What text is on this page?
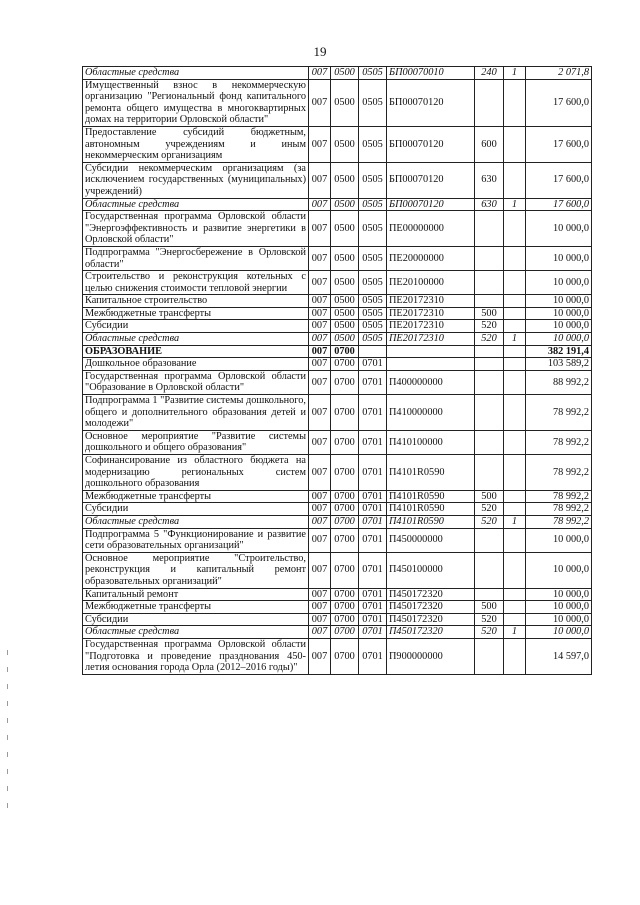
19
Областные средства	007	0500	0505	БП00070010	240	1	2 071,8
Имущественный взнос в некоммерческую организацию "Региональный фонд капитального ремонта общего имущества в многоквартирных домах на территории Орловской области"	007	0500	0505	БП00070120			17 600,0
Предоставление субсидий бюджетным, автономным учреждениям и иным некоммерческим организациям	007	0500	0505	БП00070120	600		17 600,0
Субсидии некоммерческим организациям (за исключением государственных (муниципальных) учреждений)	007	0500	0505	БП00070120	630		17 600,0
Областные средства	007	0500	0505	БП00070120	630	1	17 600,0
Государственная программа Орловской области "Энергоэффективность и развитие энергетики в Орловской области"	007	0500	0505	ПЕ00000000			10 000,0
Подпрограмма "Энергосбережение в Орловской области"	007	0500	0505	ПЕ20000000			10 000,0
Строительство и реконструкция котельных с целью снижения стоимости тепловой энергии	007	0500	0505	ПЕ20100000			10 000,0
Капитальное строительство	007	0500	0505	ПЕ20172310			10 000,0
Межбюджетные трансферты	007	0500	0505	ПЕ20172310	500		10 000,0
Субсидии	007	0500	0505	ПЕ20172310	520		10 000,0
Областные средства	007	0500	0505	ПЕ20172310	520	1	10 000,0
ОБРАЗОВАНИЕ	007	0700					382 191,4
Дошкольное образование	007	0700	0701				103 589,2
Государственная программа Орловской области "Образование в Орловской области"	007	0700	0701	П400000000			88 992,2
Подпрограмма 1 "Развитие системы дошкольного, общего и дополнительного образования детей и молодежи"	007	0700	0701	П410000000			78 992,2
Основное мероприятие "Развитие системы дошкольного и общего образования"	007	0700	0701	П410100000			78 992,2
Софинансирование из областного бюджета на модернизацию региональных систем дошкольного образования	007	0700	0701	П4101R0590			78 992,2
Межбюджетные трансферты	007	0700	0701	П4101R0590	500		78 992,2
Субсидии	007	0700	0701	П4101R0590	520		78 992,2
Областные средства	007	0700	0701	П4101R0590	520	1	78 992,2
Подпрограмма 5 "Функционирование и развитие сети образовательных организаций"	007	0700	0701	П450000000			10 000,0
Основное мероприятие "Строительство, реконструкция и капитальный ремонт образовательных организаций"	007	0700	0701	П450100000			10 000,0
Капитальный ремонт	007	0700	0701	П450172320			10 000,0
Межбюджетные трансферты	007	0700	0701	П450172320	500		10 000,0
Субсидии	007	0700	0701	П450172320	520		10 000,0
Областные средства	007	0700	0701	П450172320	520	1	10 000,0
Государственная программа Орловской области "Подготовка и проведение празднования 450-летия основания города Орла (2012–2016 годы)"	007	0700	0701	П900000000			14 597,0
